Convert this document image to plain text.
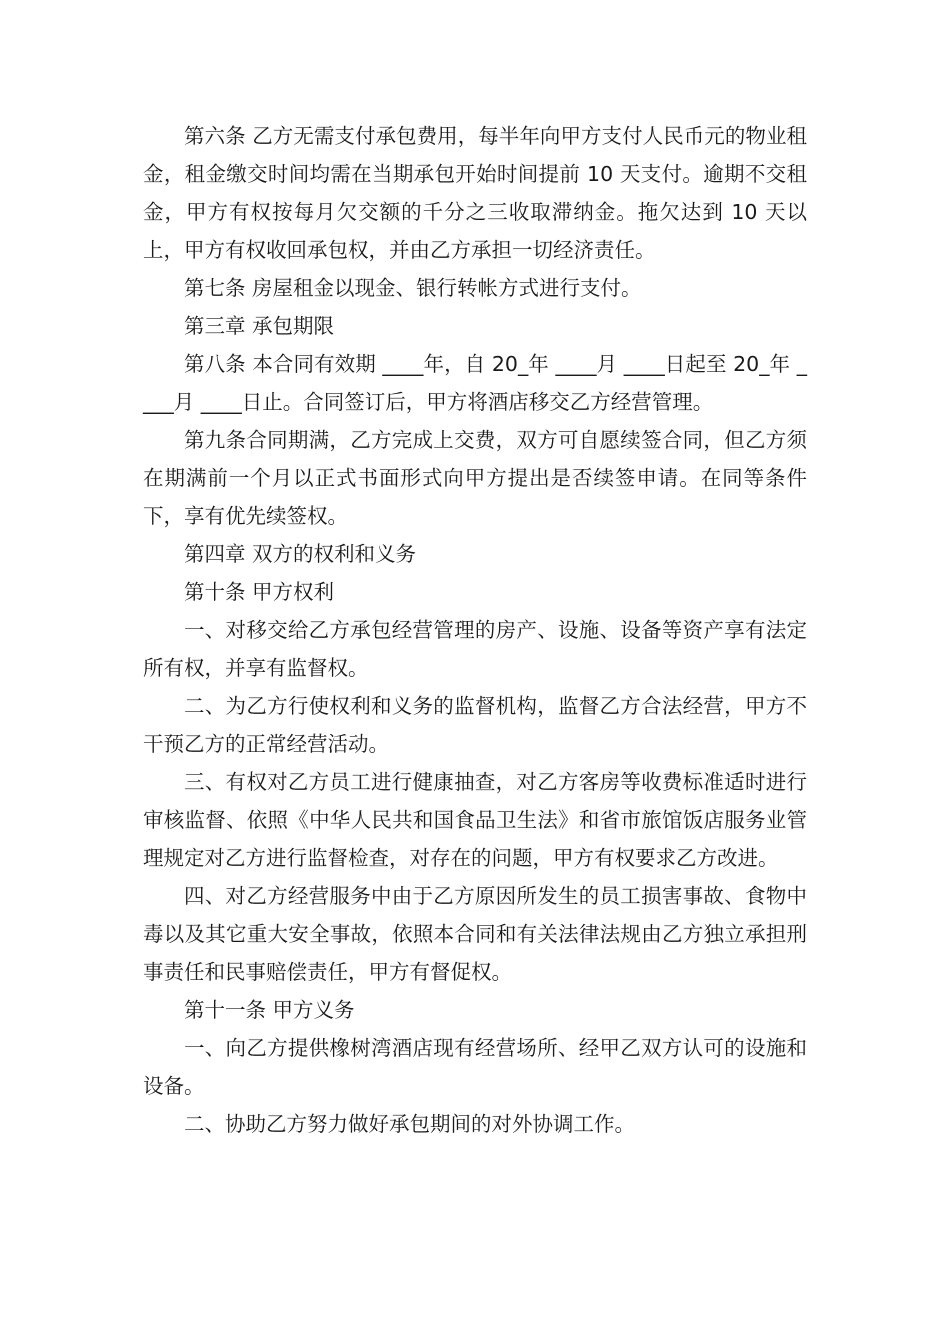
第六条 乙方无需支付承包费用，每半年向甲方支付人民币元的物业租金，租金缴交时间均需在当期承包开始时间提前 10 天支付。逾期不交租金，甲方有权按每月欠交额的千分之三收取滞纳金。拖欠达到 10 天以上，甲方有权收回承包权，并由乙方承担一切经济责任。

第七条 房屋租金以现金、银行转帐方式进行支付。

第三章 承包期限

第八条 本合同有效期 ____年，自 20_年 ____月 ____日起至 20_年 ____月 ____日止。合同签订后，甲方将酒店移交乙方经营管理。

第九条合同期满，乙方完成上交费，双方可自愿续签合同，但乙方须在期满前一个月以正式书面形式向甲方提出是否续签申请。在同等条件下，享有优先续签权。

第四章 双方的权利和义务

第十条 甲方权利

一、对移交给乙方承包经营管理的房产、设施、设备等资产享有法定所有权，并享有监督权。

二、为乙方行使权利和义务的监督机构，监督乙方合法经营，甲方不干预乙方的正常经营活动。

三、有权对乙方员工进行健康抽查，对乙方客房等收费标准适时进行审核监督、依照《中华人民共和国食品卫生法》和省市旅馆饭店服务业管理规定对乙方进行监督检查，对存在的问题，甲方有权要求乙方改进。

四、对乙方经营服务中由于乙方原因所发生的员工损害事故、食物中毒以及其它重大安全事故，依照本合同和有关法律法规由乙方独立承担刑事责任和民事赔偿责任，甲方有督促权。

第十一条 甲方义务

一、向乙方提供橡树湾酒店现有经营场所、经甲乙双方认可的设施和设备。

二、协助乙方努力做好承包期间的对外协调工作。
